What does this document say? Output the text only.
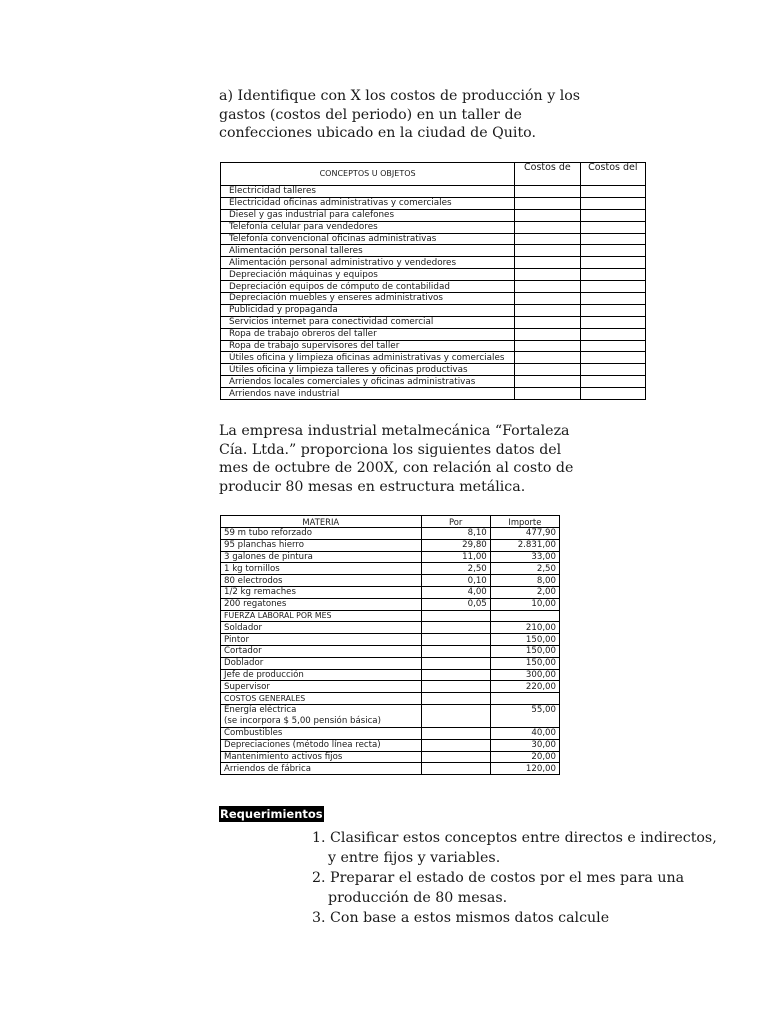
a) Identifique con X los costos de producción y los
gastos (costos del periodo) en un taller de
confecciones ubicado en la ciudad de Quito.
CONCEPTOS U OBJETOS	Costos de	Costos del
Electricidad talleres		
Electricidad oficinas administrativas y comerciales		
Diesel y gas industrial para calefones		
Telefonía celular para vendedores		
Telefonía convencional oficinas administrativas		
Alimentación personal talleres		
Alimentación personal administrativo y vendedores		
Depreciación máquinas y equipos		
Depreciación equipos de cómputo de contabilidad		
Depreciación muebles y enseres administrativos		
Publicidad y propaganda		
Servicios internet para conectividad comercial		
Ropa de trabajo obreros del taller		
Ropa de trabajo supervisores del taller		
Útiles oficina y limpieza oficinas administrativas y comerciales		
Útiles oficina y limpieza talleres y oficinas productivas		
Arriendos locales comerciales y oficinas administrativas		
Arriendos nave industrial		
La empresa industrial metalmecánica “Fortaleza
Cía. Ltda.” proporciona los siguientes datos del
mes de octubre de 200X, con relación al costo de
producir 80 mesas en estructura metálica.
MATERIA	Por	Importe
59 m tubo reforzado	8,10	477,90
95 planchas hierro	29,80	2.831,00
3 galones de pintura	11,00	33,00
1 kg tornillos	2,50	2,50
80 electrodos	0,10	8,00
1/2 kg remaches	4,00	2,00
200 regatones	0,05	10,00
FUERZA LABORAL POR MES		
Soldador		210,00
Pintor		150,00
Cortador		150,00
Doblador		150,00
Jefe de producción		300,00
Supervisor		220,00
COSTOS GENERALES		
Energía eléctrica
(se incorpora $ 5,00 pensión básica)		55,00
Combustibles		40,00
Depreciaciones (método línea recta)		30,00
Mantenimiento activos fijos		20,00
Arriendos de fábrica		120,00
Requerimientos
1. Clasificar estos conceptos entre directos e indirectos,
y entre fijos y variables.
2. Preparar el estado de costos por el mes para una
producción de 80 mesas.
3. Con base a estos mismos datos calcule
